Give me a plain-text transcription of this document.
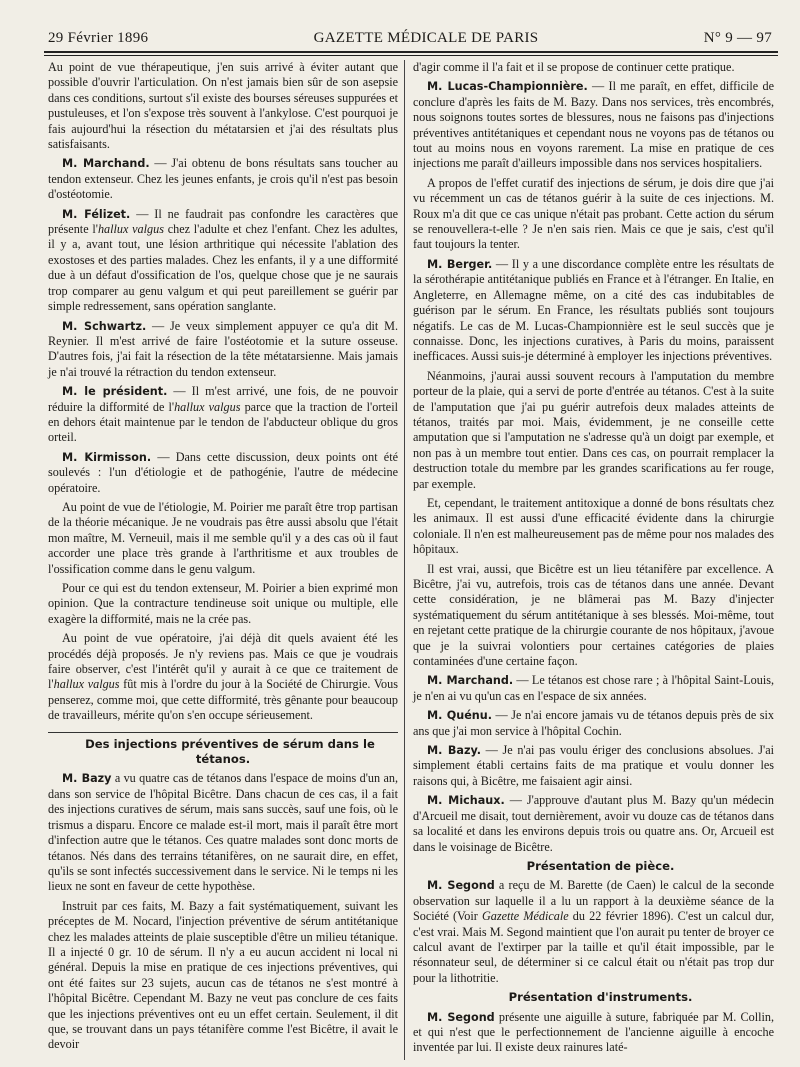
29 Février 1896	GAZETTE MÉDICALE DE PARIS	N° 9 — 97

Au point de vue thérapeutique, j'en suis arrivé à éviter autant que possible d'ouvrir l'articulation. On n'est jamais bien sûr de son asepsie dans ces conditions, surtout s'il existe des bourses séreuses suppurées et pustuleuses, et l'on s'expose très souvent à l'ankylose. C'est pourquoi je fais aujourd'hui la résection du métatarsien et j'ai des résultats plus satisfaisants.

M. Marchand. — J'ai obtenu de bons résultats sans toucher au tendon extenseur. Chez les jeunes enfants, je crois qu'il n'est pas besoin d'ostéotomie.

M. Félizet. — Il ne faudrait pas confondre les caractères que présente l'hallux valgus chez l'adulte et chez l'enfant. Chez les adultes, il y a, avant tout, une lésion arthritique qui nécessite l'ablation des exostoses et des parties malades. Chez les enfants, il y a une difformité due à un défaut d'ossification de l'os, quelque chose que je ne saurais trop comparer au genu valgum et qui peut pareillement se guérir par simple redressement, sans opération sanglante.

M. Schwartz. — Je veux simplement appuyer ce qu'a dit M. Reynier. Il m'est arrivé de faire l'ostéotomie et la suture osseuse. D'autres fois, j'ai fait la résection de la tête métatarsienne. Mais jamais je n'ai trouvé la rétraction du tendon extenseur.

M. le président. — Il m'est arrivé, une fois, de ne pouvoir réduire la difformité de l'hallux valgus parce que la traction de l'orteil en dehors était maintenue par le tendon de l'abducteur oblique du gros orteil.

M. Kirmisson. — Dans cette discussion, deux points ont été soulevés : l'un d'étiologie et de pathogénie, l'autre de médecine opératoire.

Au point de vue de l'étiologie, M. Poirier me paraît être trop partisan de la théorie mécanique. Je ne voudrais pas être aussi absolu que l'était mon maître, M. Verneuil, mais il me semble qu'il y a des cas où il faut accorder une place très grande à l'arthritisme et aux troubles de l'ossification comme dans le genu valgum.

Pour ce qui est du tendon extenseur, M. Poirier a bien exprimé mon opinion. Que la contracture tendineuse soit unique ou multiple, elle exagère la difformité, mais ne la crée pas.

Au point de vue opératoire, j'ai déjà dit quels avaient été les procédés déjà proposés. Je n'y reviens pas. Mais ce que je voudrais faire observer, c'est l'intérêt qu'il y aurait à ce que ce traitement de l'hallux valgus fût mis à l'ordre du jour à la Société de Chirurgie. Vous penserez, comme moi, que cette difformité, très gênante pour beaucoup de travailleurs, mérite qu'on s'en occupe sérieusement.

Des injections préventives de sérum dans le tétanos.

M. Bazy a vu quatre cas de tétanos dans l'espace de moins d'un an, dans son service de l'hôpital Bicêtre. Dans chacun de ces cas, il a fait des injections curatives de sérum, mais sans succès, sauf une fois, où le trismus a disparu. Encore ce malade est-il mort, mais il paraît être mort d'infection autre que le tétanos. Ces quatre malades sont donc morts de tétanos. Nés dans des terrains tétanifères, on ne saurait dire, en effet, qu'ils se sont infectés successivement dans le service. Ni le temps ni les lieux ne sont en faveur de cette hypothèse.

Instruit par ces faits, M. Bazy a fait systématiquement, suivant les préceptes de M. Nocard, l'injection préventive de sérum antitétanique chez les malades atteints de plaie susceptible d'être un milieu tétanique. Il a injecté 0 gr. 10 de sérum. Il n'y a eu aucun accident ni local ni général. Depuis la mise en pratique de ces injections préventives, qui ont été faites sur 23 sujets, aucun cas de tétanos ne s'est montré à l'hôpital Bicêtre. Cependant M. Bazy ne veut pas conclure de ces faits que les injections préventives ont eu un effet certain. Seulement, il dit que, se trouvant dans un pays tétanifère comme l'est Bicêtre, il avait le devoir

d'agir comme il l'a fait et il se propose de continuer cette pratique.

M. Lucas-Championnière. — Il me paraît, en effet, difficile de conclure d'après les faits de M. Bazy. Dans nos services, très encombrés, nous soignons toutes sortes de blessures, nous ne faisons pas d'injections préventives antitétaniques et cependant nous ne voyons pas de tétanos ou tout au moins nous en voyons rarement. La mise en pratique de ces injections me paraît d'ailleurs impossible dans nos services hospitaliers.

A propos de l'effet curatif des injections de sérum, je dois dire que j'ai vu récemment un cas de tétanos guérir à la suite de ces injections. M. Roux m'a dit que ce cas unique n'était pas probant. Cette action du sérum se renouvellera-t-elle ? Je n'en sais rien. Mais ce que je sais, c'est qu'il faut toujours la tenter.

M. Berger. — Il y a une discordance complète entre les résultats de la sérothérapie antitétanique publiés en France et à l'étranger. En Italie, en Angleterre, en Allemagne même, on a cité des cas indubitables de guérison par le sérum. En France, les résultats publiés sont toujours négatifs. Le cas de M. Lucas-Championnière est le seul succès que je connaisse. Donc, les injections curatives, à Paris du moins, paraissent inefficaces. Aussi suis-je déterminé à employer les injections préventives.

Néanmoins, j'aurai aussi souvent recours à l'amputation du membre porteur de la plaie, qui a servi de porte d'entrée au tétanos. C'est à la suite de l'amputation que j'ai pu guérir autrefois deux malades atteints de tétanos, traités par moi. Mais, évidemment, je ne conseille cette amputation que si l'amputation ne s'adresse qu'à un doigt par exemple, et non pas à un membre tout entier. Dans ces cas, on pourrait remplacer la destruction totale du membre par les grandes scarifications au fer rouge, par exemple.

Et, cependant, le traitement antitoxique a donné de bons résultats chez les animaux. Il est aussi d'une efficacité évidente dans la chirurgie coloniale. Il n'en est malheureusement pas de même pour nos malades des hôpitaux.

Il est vrai, aussi, que Bicêtre est un lieu tétanifère par excellence. A Bicêtre, j'ai vu, autrefois, trois cas de tétanos dans une année. Devant cette considération, je ne blâmerai pas M. Bazy d'injecter systématiquement du sérum antitétanique à ses blessés. Moi-même, tout en rejetant cette pratique de la chirurgie courante de nos hôpitaux, j'avoue que je la suivrai volontiers pour certaines catégories de plaies contaminées d'une certaine façon.

M. Marchand. — Le tétanos est chose rare ; à l'hôpital Saint-Louis, je n'en ai vu qu'un cas en l'espace de six années.

M. Quénu. — Je n'ai encore jamais vu de tétanos depuis près de six ans que j'ai mon service à l'hôpital Cochin.

M. Bazy. — Je n'ai pas voulu ériger des conclusions absolues. J'ai simplement établi certains faits de ma pratique et voulu donner les raisons qui, à Bicêtre, me faisaient agir ainsi.

M. Michaux. — J'approuve d'autant plus M. Bazy qu'un médecin d'Arcueil me disait, tout dernièrement, avoir vu douze cas de tétanos dans sa localité et dans les environs depuis trois ou quatre ans. Or, Arcueil est dans le voisinage de Bicêtre.

Présentation de pièce.

M. Segond a reçu de M. Barette (de Caen) le calcul de la seconde observation sur laquelle il a lu un rapport à la deuxième séance de la Société (Voir Gazette Médicale du 22 février 1896). C'est un calcul dur, c'est vrai. Mais M. Segond maintient que l'on aurait pu tenter de broyer ce calcul avant de l'extirper par la taille et qu'il était impossible, par le résonnateur seul, de déterminer si ce calcul était ou n'était pas trop dur pour la lithotritie.

Présentation d'instruments.

M. Segond présente une aiguille à suture, fabriquée par M. Collin, et qui n'est que le perfectionnement de l'ancienne aiguille à encoche inventée par lui. Il existe deux rainures laté-
